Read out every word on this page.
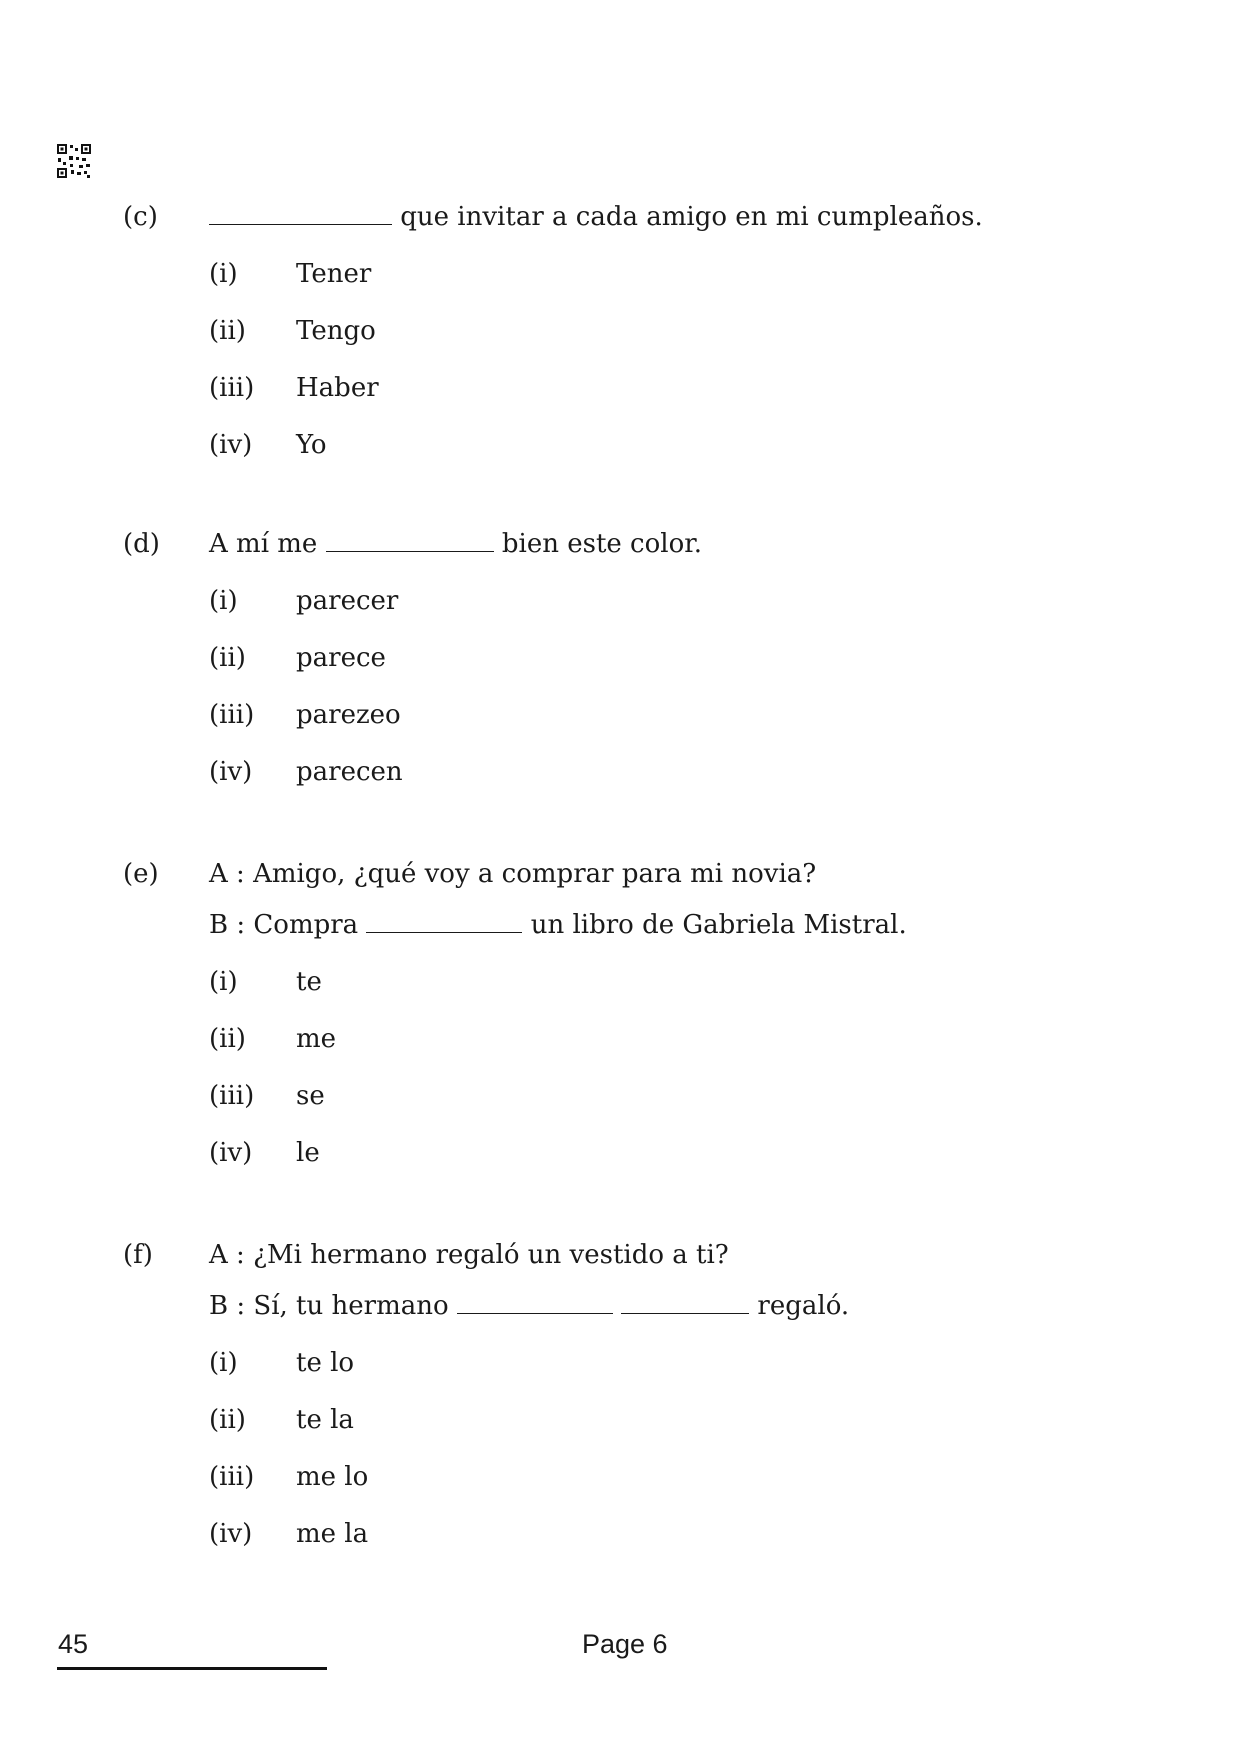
(c)	que invitar a cada amigo en mi cumpleaños.
(i) Tener
(ii) Tengo
(iii) Haber
(iv) Yo
(d) A mí me	bien este color.
(i) parecer
(ii) parece
(iii) parezeo
(iv) parecen
(e) A : Amigo, ¿qué voy a comprar para mi novia?
B : Compra	un libro de Gabriela Mistral.
(i) te
(ii) me
(iii) se
(iv) le
(f) A : ¿Mi hermano regaló un vestido a ti?
B : Sí, tu hermano	regaló.
(i) te lo
(ii) te la
(iii) me lo
(iv) me la
45	Page 6
